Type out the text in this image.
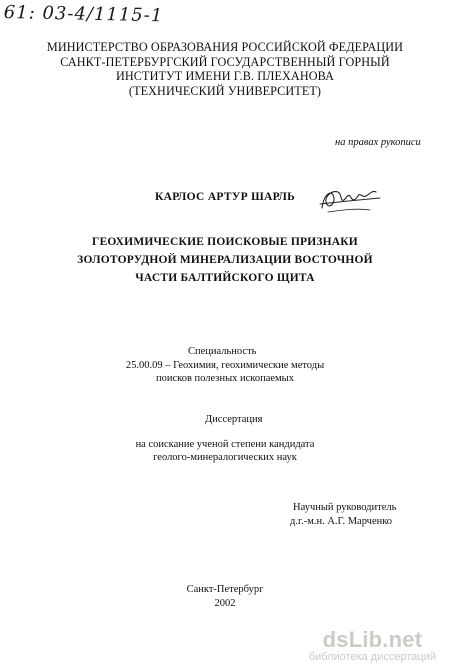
61: 03-4/1115-1
МИНИСТЕРСТВО ОБРАЗОВАНИЯ РОССИЙСКОЙ ФЕДЕРАЦИИ
САНКТ-ПЕТЕРБУРГСКИЙ ГОСУДАРСТВЕННЫЙ ГОРНЫЙ
ИНСТИТУТ ИМЕНИ Г.В. ПЛЕХАНОВА
(ТЕХНИЧЕСКИЙ УНИВЕРСИТЕТ)
на правах рукописи
КАРЛОС АРТУР ШАРЛЬ
ГЕОХИМИЧЕСКИЕ ПОИСКОВЫЕ ПРИЗНАКИ
ЗОЛОТОРУДНОЙ МИНЕРАЛИЗАЦИИ ВОСТОЧНОЙ
ЧАСТИ БАЛТИЙСКОГО ЩИТА
Специальность
25.00.09 – Геохимия, геохимические методы
поисков полезных ископаемых
Диссертация
на соискание ученой степени кандидата
геолого-минералогических наук
Научный руководитель
д.г.-м.н. А.Г. Марченко
Санкт-Петербург
2002
dsLib.net
библиотека диссертаций
